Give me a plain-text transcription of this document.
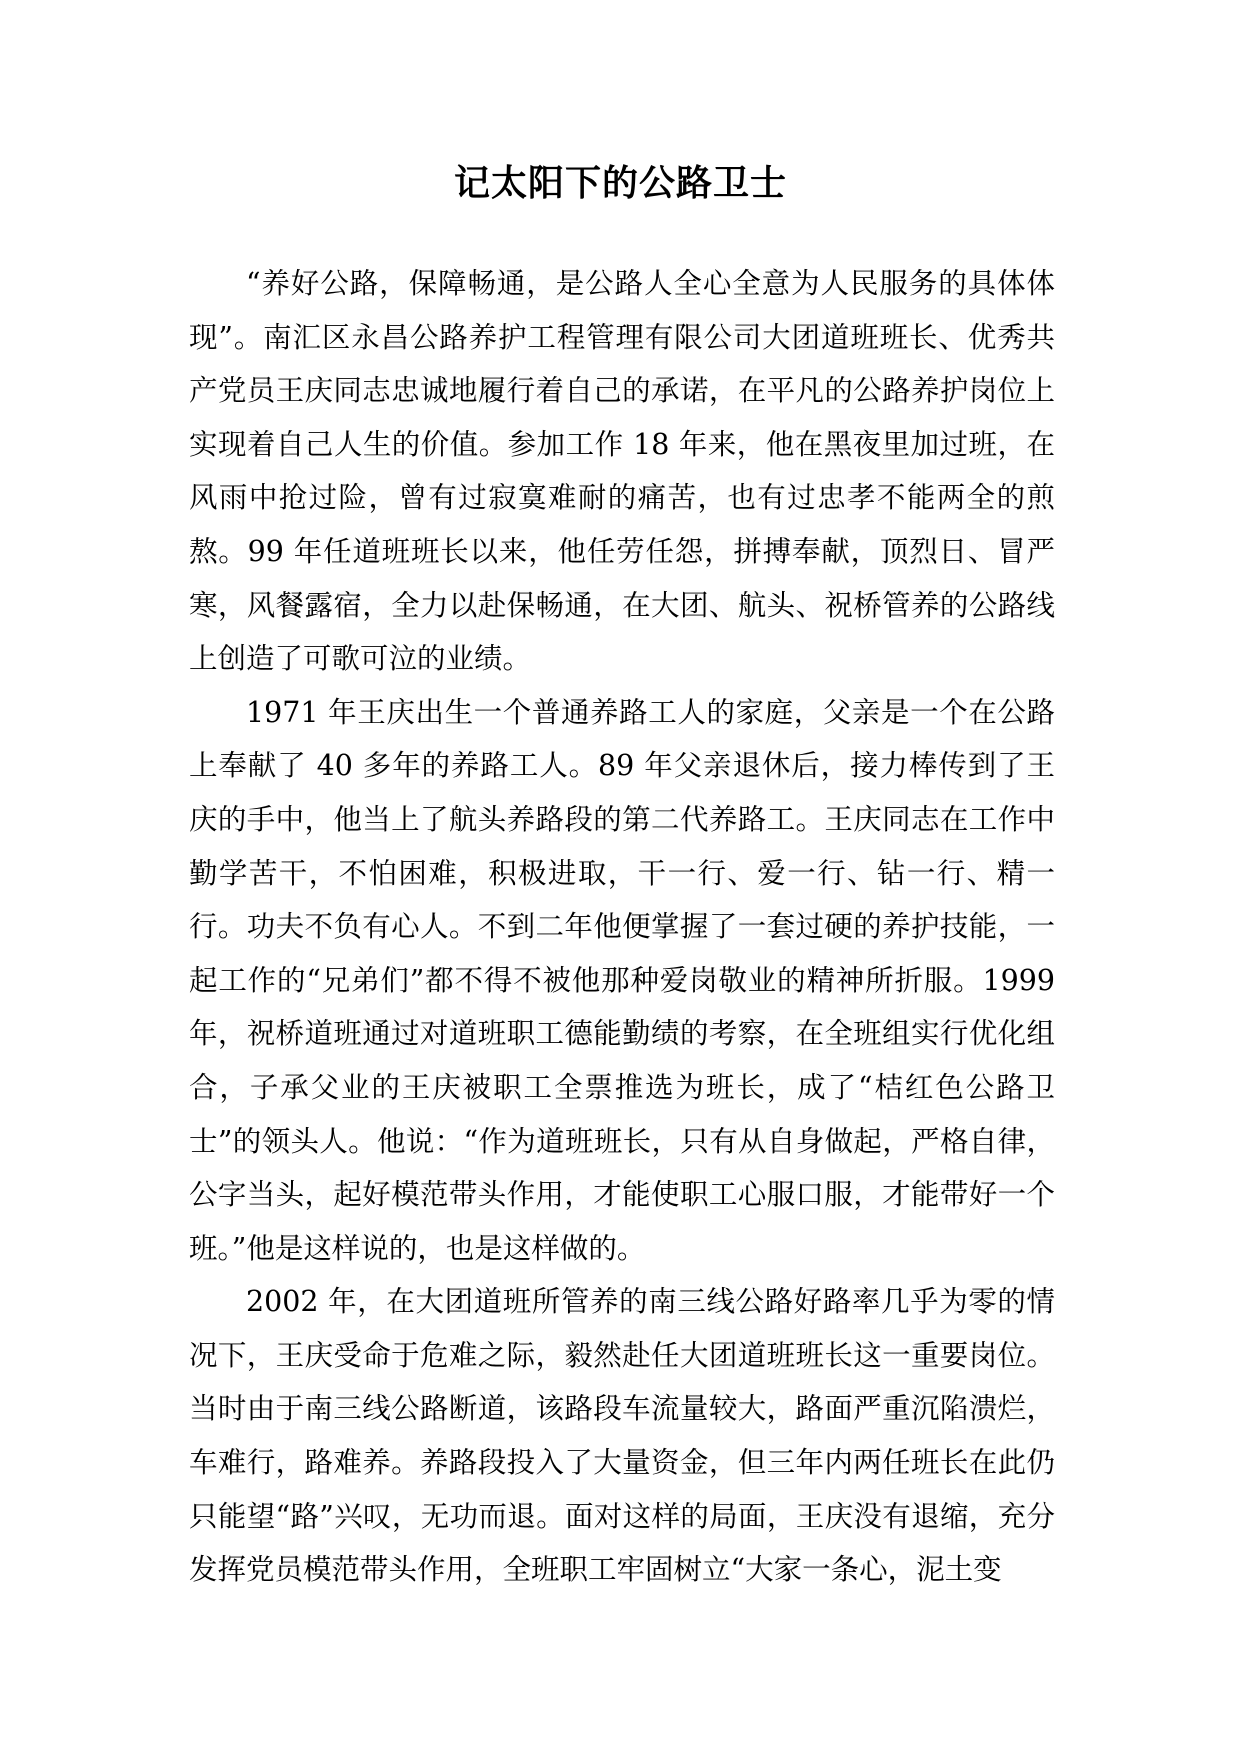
记太阳下的公路卫士

“养好公路，保障畅通，是公路人全心全意为人民服务的具体体现”。南汇区永昌公路养护工程管理有限公司大团道班班长、优秀共产党员王庆同志忠诚地履行着自己的承诺，在平凡的公路养护岗位上实现着自己人生的价值。参加工作 18 年来，他在黑夜里加过班，在风雨中抢过险，曾有过寂寞难耐的痛苦，也有过忠孝不能两全的煎熬。99 年任道班班长以来，他任劳任怨，拼搏奉献，顶烈日、冒严寒，风餐露宿，全力以赴保畅通，在大团、航头、祝桥管养的公路线上创造了可歌可泣的业绩。

1971 年王庆出生一个普通养路工人的家庭，父亲是一个在公路上奉献了 40 多年的养路工人。89 年父亲退休后，接力棒传到了王庆的手中，他当上了航头养路段的第二代养路工。王庆同志在工作中勤学苦干，不怕困难，积极进取，干一行、爱一行、钻一行、精一行。功夫不负有心人。不到二年他便掌握了一套过硬的养护技能，一起工作的“兄弟们”都不得不被他那种爱岗敬业的精神所折服。1999 年，祝桥道班通过对道班职工德能勤绩的考察，在全班组实行优化组合，子承父业的王庆被职工全票推选为班长，成了“桔红色公路卫士”的领头人。他说：“作为道班班长，只有从自身做起，严格自律，公字当头，起好模范带头作用，才能使职工心服口服，才能带好一个班。”他是这样说的，也是这样做的。

2002 年，在大团道班所管养的南三线公路好路率几乎为零的情况下，王庆受命于危难之际，毅然赴任大团道班班长这一重要岗位。当时由于南三线公路断道，该路段车流量较大，路面严重沉陷溃烂，车难行，路难养。养路段投入了大量资金，但三年内两任班长在此仍只能望“路”兴叹，无功而退。面对这样的局面，王庆没有退缩，充分发挥党员模范带头作用，全班职工牢固树立“大家一条心，泥土变
